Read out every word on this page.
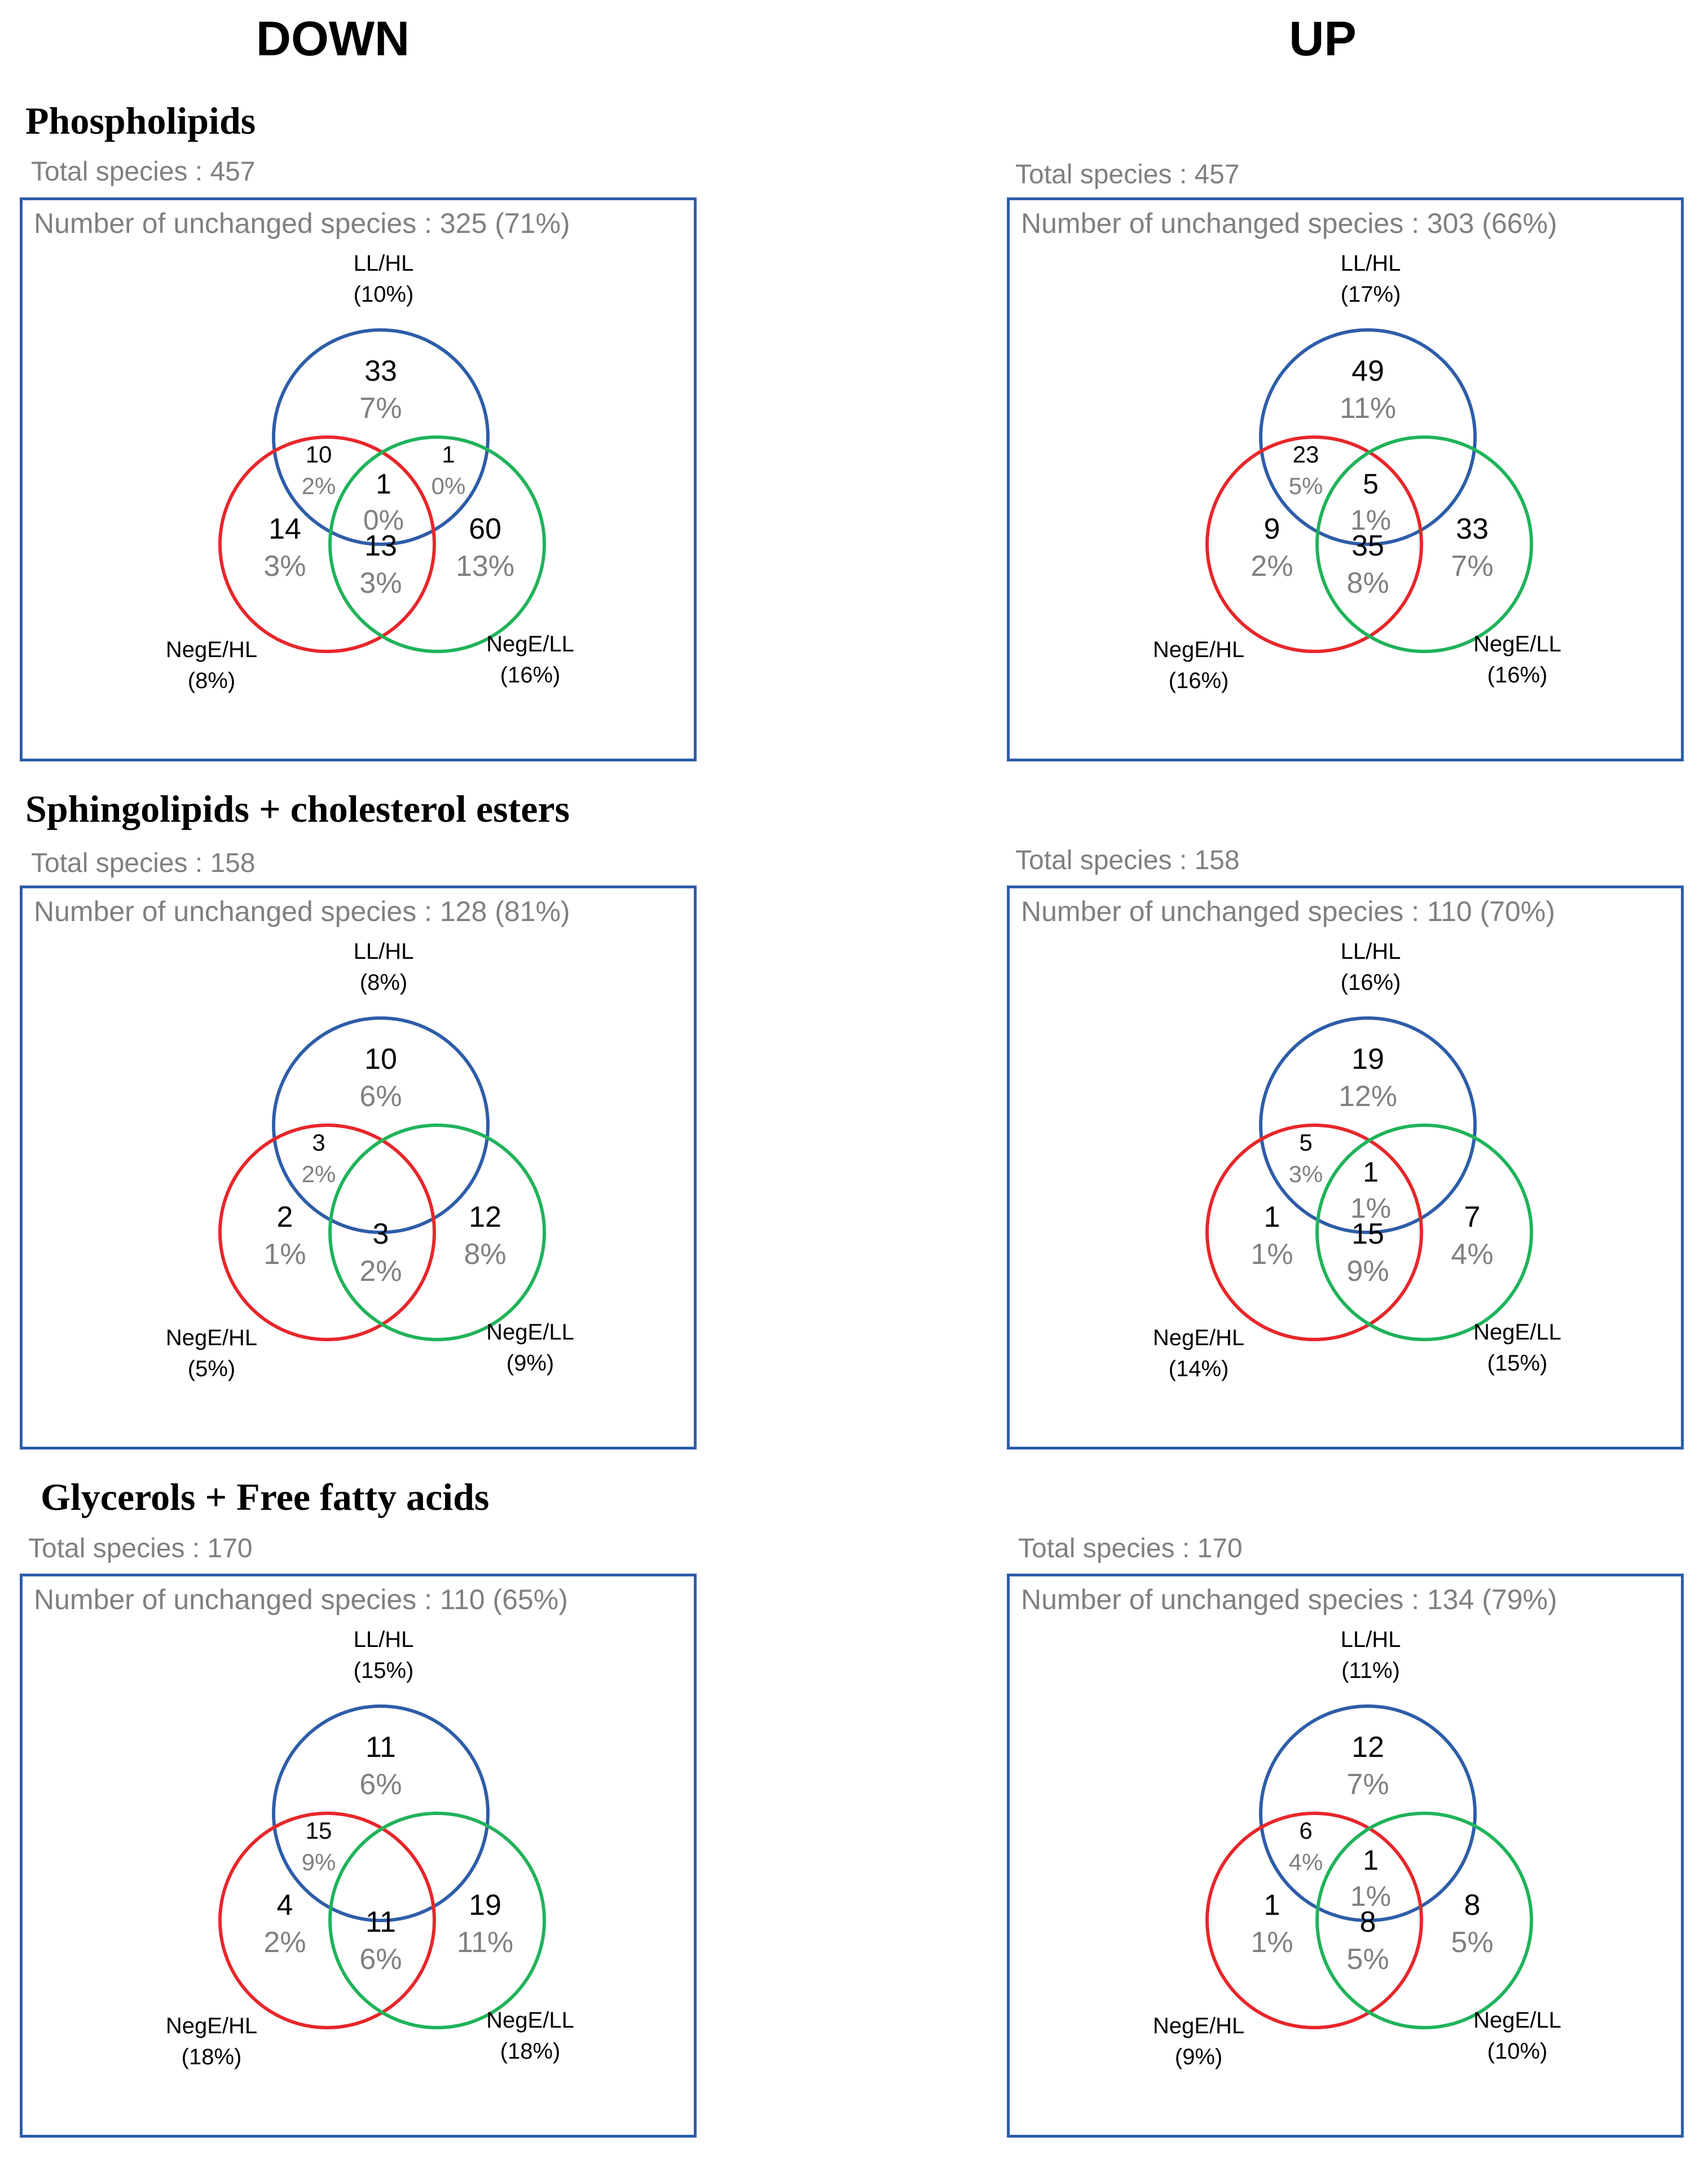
DOWN	UP
Phospholipids
Sphingolipids + cholesterol esters
Glycerols + Free fatty acids
Total species : 457	Total species : 457
Total species : 158	Total species : 158
Total species : 170	Total species : 170
Number of unchanged species : 325 (71%)
LL/HL
(10%)
NegE/HL
(8%)
NegE/LL
(16%)
33
7%
14
3%
60
13%
10
2%
1
0%
13
3%
1
0%
Number of unchanged species : 303 (66%)
LL/HL
(17%)
NegE/HL
(16%)
NegE/LL
(16%)
49
11%
9
2%
33
7%
23
5%
35
8%
5
1%
Number of unchanged species : 128 (81%)
LL/HL
(8%)
NegE/HL
(5%)
NegE/LL
(9%)
10
6%
2
1%
12
8%
3
2%
3
2%
Number of unchanged species : 110 (70%)
LL/HL
(16%)
NegE/HL
(14%)
NegE/LL
(15%)
19
12%
1
1%
7
4%
5
3%
15
9%
1
1%
Number of unchanged species : 110 (65%)
LL/HL
(15%)
NegE/HL
(18%)
NegE/LL
(18%)
11
6%
4
2%
19
11%
15
9%
11
6%
Number of unchanged species : 134 (79%)
LL/HL
(11%)
NegE/HL
(9%)
NegE/LL
(10%)
12
7%
1
1%
8
5%
6
4%
8
5%
1
1%
